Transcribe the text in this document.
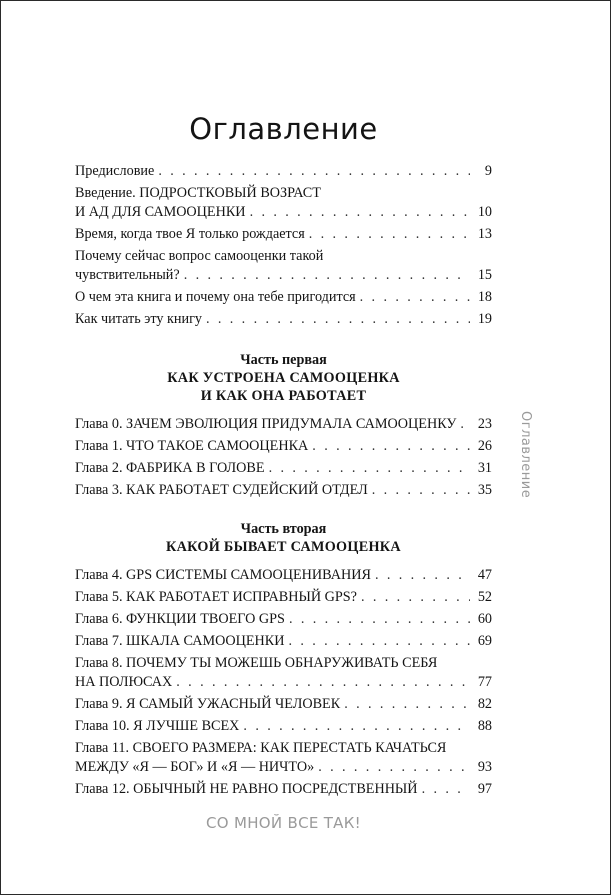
Оглавление
Предисловие . . .	9
Введение. ПОДРОСТКОВЫЙ ВОЗРАСТ
И АД ДЛЯ САМООЦЕНКИ . . .	10
Время, когда твое Я только рождается . . .	13
Почему сейчас вопрос самооценки такой
чувствительный? . . .	15
О чем эта книга и почему она тебе пригодится . . .	18
Как читать эту книгу . . .	19
Часть первая
КАК УСТРОЕНА САМООЦЕНКА
И КАК ОНА РАБОТАЕТ
Глава 0. ЗАЧЕМ ЭВОЛЮЦИЯ ПРИДУМАЛА САМООЦЕНКУ . . . 23
Глава 1. ЧТО ТАКОЕ САМООЦЕНКА . . .	26
Глава 2. ФАБРИКА В ГОЛОВЕ . . .	31
Глава 3. КАК РАБОТАЕТ СУДЕЙСКИЙ ОТДЕЛ . . .	35
Часть вторая
КАКОЙ БЫВАЕТ САМООЦЕНКА
Глава 4. GPS СИСТЕМЫ САМООЦЕНИВАНИЯ . . .	47
Глава 5. КАК РАБОТАЕТ ИСПРАВНЫЙ GPS? . . .	52
Глава 6. ФУНКЦИИ ТВОЕГО GPS . . .	60
Глава 7. ШКАЛА САМООЦЕНКИ . . .	69
Глава 8. ПОЧЕМУ ТЫ МОЖЕШЬ ОБНАРУЖИВАТЬ СЕБЯ
НА ПОЛЮСАХ . . .	77
Глава 9. Я САМЫЙ УЖАСНЫЙ ЧЕЛОВЕК . . .	82
Глава 10. Я ЛУЧШЕ ВСЕХ . . .	88
Глава 11. СВОЕГО РАЗМЕРА: КАК ПЕРЕСТАТЬ КАЧАТЬСЯ
МЕЖДУ «Я — БОГ» И «Я — НИЧТО» . . .	93
Глава 12. ОБЫЧНЫЙ НЕ РАВНО ПОСРЕДСТВЕННЫЙ . . .	97
Оглавление
СО МНОЙ ВСЕ ТАК!
